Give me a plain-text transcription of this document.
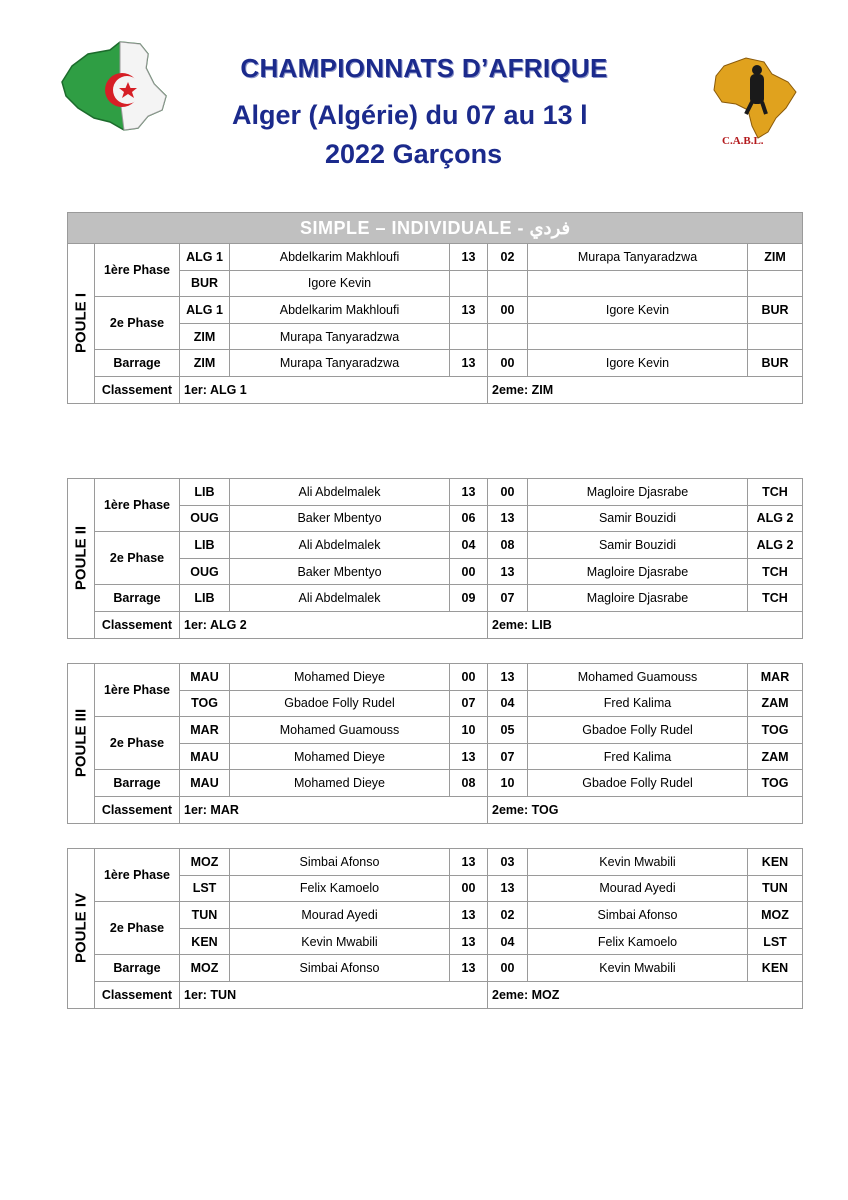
C.A.B.L.
CHAMPIONNATS D’AFRIQUE
Alger (Algérie) du 07 au 13 l
2022 Garçons
SIMPLE – INDIVIDUALE - فردي							

POULE I	1ère Phase	ALG 1	Abdelkarim Makhloufi	13	02	Murapa Tanyaradzwa	ZIM
		BUR	Igore Kevin				
	2e Phase	ALG 1	Abdelkarim Makhloufi	13	00	Igore Kevin	BUR
		ZIM	Murapa Tanyaradzwa				
	Barrage	ZIM	Murapa Tanyaradzwa	13	00	Igore Kevin	BUR
	Classement	1er: ALG 1			2eme: ZIM		
POULE II	1ère Phase	LIB	Ali Abdelmalek	13	00	Magloire Djasrabe	TCH
		OUG	Baker Mbentyo	06	13	Samir Bouzidi	ALG 2
	2e Phase	LIB	Ali Abdelmalek	04	08	Samir Bouzidi	ALG 2
		OUG	Baker Mbentyo	00	13	Magloire Djasrabe	TCH
	Barrage	LIB	Ali Abdelmalek	09	07	Magloire Djasrabe	TCH
	Classement	1er: ALG 2			2eme: LIB		
POULE III	1ère Phase	MAU	Mohamed Dieye	00	13	Mohamed Guamouss	MAR
		TOG	Gbadoe Folly Rudel	07	04	Fred Kalima	ZAM
	2e Phase	MAR	Mohamed Guamouss	10	05	Gbadoe Folly Rudel	TOG
		MAU	Mohamed Dieye	13	07	Fred Kalima	ZAM
	Barrage	MAU	Mohamed Dieye	08	10	Gbadoe Folly Rudel	TOG
	Classement	1er: MAR			2eme: TOG		
POULE IV	1ère Phase	MOZ	Simbai Afonso	13	03	Kevin Mwabili	KEN
		LST	Felix Kamoelo	00	13	Mourad Ayedi	TUN
	2e Phase	TUN	Mourad Ayedi	13	02	Simbai Afonso	MOZ
		KEN	Kevin Mwabili	13	04	Felix Kamoelo	LST
	Barrage	MOZ	Simbai Afonso	13	00	Kevin Mwabili	KEN
	Classement	1er: TUN			2eme: MOZ		
